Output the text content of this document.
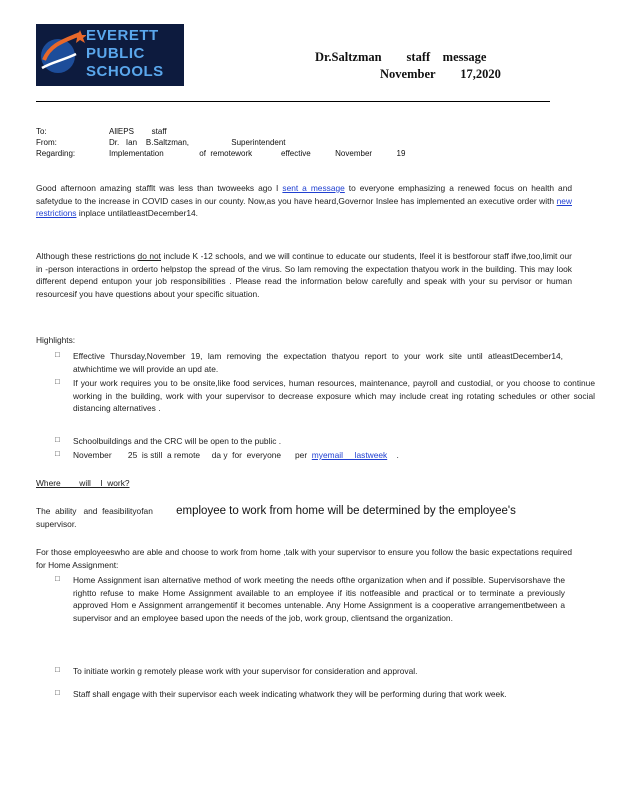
EVERETT
PUBLIC
SCHOOLS
Dr.Saltzman        staff    message
November        17,2020
To:	AllEPS        staff
From:	Dr.   Ian    B.Saltzman,                   Superintendent
Regarding:	Implementation                of  remotework             effective           November           19

Good afternoon amazing stafflt was less than twoweeks ago I sent a message to everyone emphasizing a renewed focus on health and safetydue to the increase in COVID cases in our county. Now,as you have heard,Governor Inslee has implemented an executive order with new restrictions inplace untilatleastDecember14.

Although these restrictions do not include K -12 schools, and we will continue to educate our students, Ifeel it is bestforour staff ifwe,too,limit our in -person interactions in orderto helpstop the spread of the virus. So lam removing the expectation thatyou work in the building. This may look different depend entupon your job responsibilities . Please read the information below carefully and speak with your su pervisor or human resourcesif you have questions about your specific situation.

Highlights:
□ Effective Thursday,November 19, lam removing the expectation thatyou report to your work site until atleastDecember14, atwhichtime we will provide an upd ate.

□ If your work requires you to be onsite,like food services, human resources, maintenance, payroll and custodial, or you choose to continue working in the building, work with your supervisor to decrease exposure which may include creat ing rotating schedules or other social distancing alternatives .

□ Schoolbuildings and the CRC will be open to the public .

□ November       25  is still  a remote     da y  for  everyone      per  myemail     lastweek    .

Where        will    I  work?

The  ability   and  feasibilityofan          employee to work from home will be determined by the employee's

supervisor.

For those employeeswho are able and choose to work from home ,talk with your supervisor to ensure you follow the basic expectations required for Home Assignment:

□ Home Assignment isan alternative method of work meeting the needs ofthe organization when and if possible. Supervisorshave the rightto refuse to make Home Assignment available to an employee if itis notfeasible and practical or to terminate a previously approved Hom e Assignment arrangementif it becomes untenable. Any Home Assignment is a cooperative arrangementbetween a supervisor and an employee based upon the needs of the job, work group, clientsand the organization.

□ To initiate workin g remotely please work with your supervisor for consideration and approval.

□ Staff shall engage with their supervisor each week indicating whatwork they will be performing during that work week.
